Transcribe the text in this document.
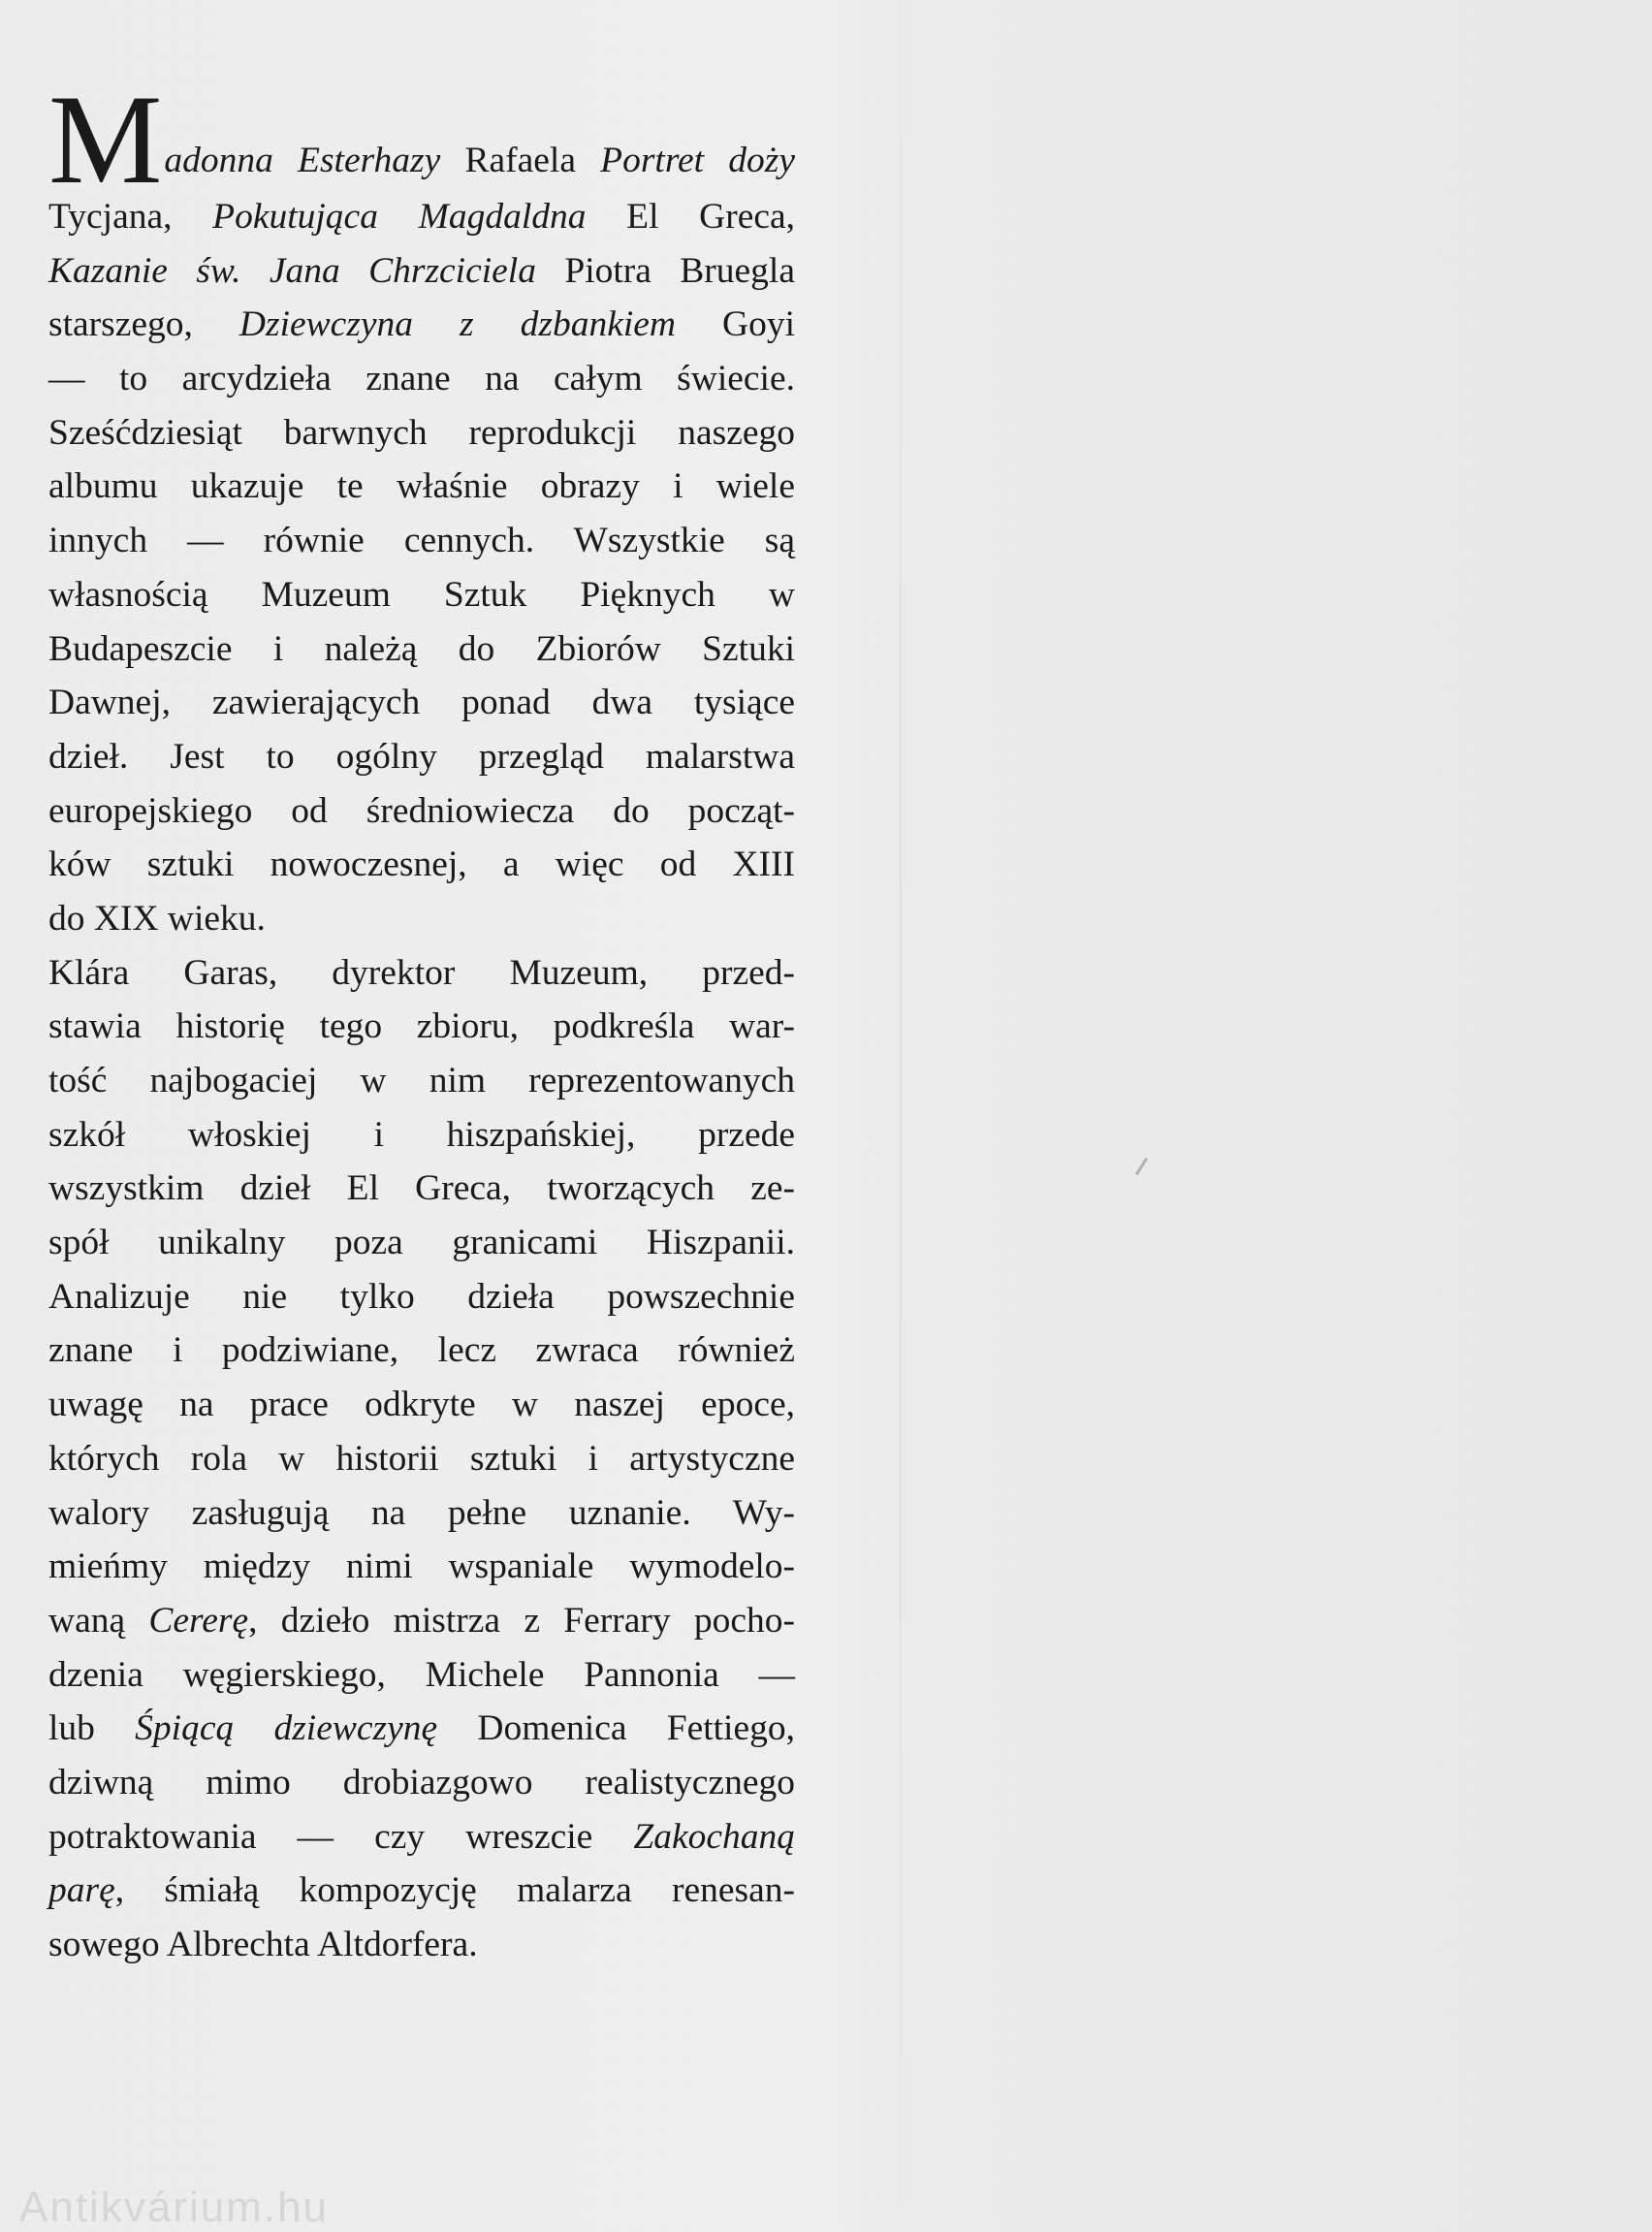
M adonna Esterhazy Rafaela Portret dożу
Tycjana, Pokutująca Magdaldna El Greca,
Kazanie św. Jana Chrzciciela Piotra Bruegla
starszego, Dziewczyna z dzbankiem Goyi
— to arcydzieła znane na całym świecie.
Sześćdziesiąt barwnych reprodukcji naszego
albumu ukazuje te właśnie obrazy i wiele
innych — równie cennych. Wszystkie są
własnością Muzeum Sztuk Pięknych w
Budapeszcie i należą do Zbiorów Sztuki
Dawnej, zawierających ponad dwa tysiące
dzieł. Jest to ogólny przegląd malarstwa
europejskiego od średniowiecza do począt-
ków sztuki nowoczesnej, a więc od XIII
do XIX wieku.
Klára Garas, dyrektor Muzeum, przed-
stawia historię tego zbioru, podkreśla war-
tość najbogaciej w nim reprezentowanych
szkół włoskiej i hiszpańskiej, przede
wszystkim dzieł El Greca, tworzących ze-
spół unikalny poza granicami Hiszpanii.
Analizuje nie tylko dzieła powszechnie
znane i podziwiane, lecz zwraca również
uwagę na prace odkryte w naszej epoce,
których rola w historii sztuki i artystyczne
walory zasługują na pełne uznanie. Wy-
mieńmy między nimi wspaniale wymodelo-
waną Cererę, dzieło mistrza z Ferrary pocho-
dzenia węgierskiego, Michele Pannonia —
lub Śpiącą dziewczynę Domenica Fettiego,
dziwną mimo drobiazgowo realistycznego
potraktowania — czy wreszcie Zakochaną
parę, śmiałą kompozycję malarza renesan-
sowego Albrechta Altdorfera.
Antikvárium.hu
